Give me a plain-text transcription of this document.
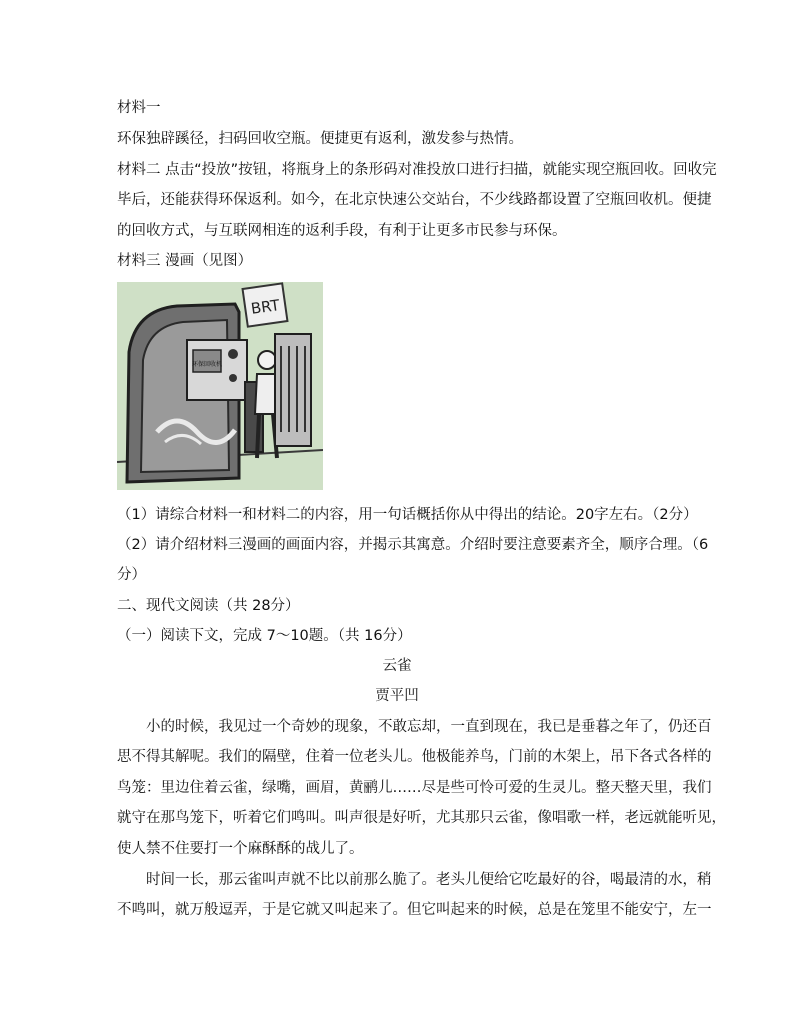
材料一
环保独辟蹊径，扫码回收空瓶。便捷更有返利，激发参与热情。
材料二 点击“投放”按钮，将瓶身上的条形码对准投放口进行扫描，就能实现空瓶回收。回收完
毕后，还能获得环保返利。如今，在北京快速公交站台，不少线路都设置了空瓶回收机。便捷
的回收方式，与互联网相连的返利手段，有利于让更多市民参与环保。
材料三 漫画（见图）
环保回收机
BRT
（1）请综合材料一和材料二的内容，用一句话概括你从中得出的结论。20字左右。（2分）
（2）请介绍材料三漫画的画面内容，并揭示其寓意。介绍时要注意要素齐全，顺序合理。（6
分）
二、现代文阅读（共 28分）
（一）阅读下文，完成 7～10题。（共 16分）
云雀
贾平凹
小的时候，我见过一个奇妙的现象，不敢忘却，一直到现在，我已是垂暮之年了，仍还百
思不得其解呢。我们的隔壁，住着一位老头儿。他极能养鸟，门前的木架上，吊下各式各样的
鸟笼：里边住着云雀，绿嘴，画眉，黄鹂儿……尽是些可怜可爱的生灵儿。整天整天里，我们
就守在那鸟笼下，听着它们鸣叫。叫声很是好听，尤其那只云雀，像唱歌一样，老远就能听见，
使人禁不住要打一个麻酥酥的战儿了。
时间一长，那云雀叫声就不比以前那么脆了。老头儿便给它吃最好的谷，喝最清的水，稍
不鸣叫，就万般逗弄，于是它就又叫起来了。但它叫起来的时候，总是在笼里不能安宁，左一
